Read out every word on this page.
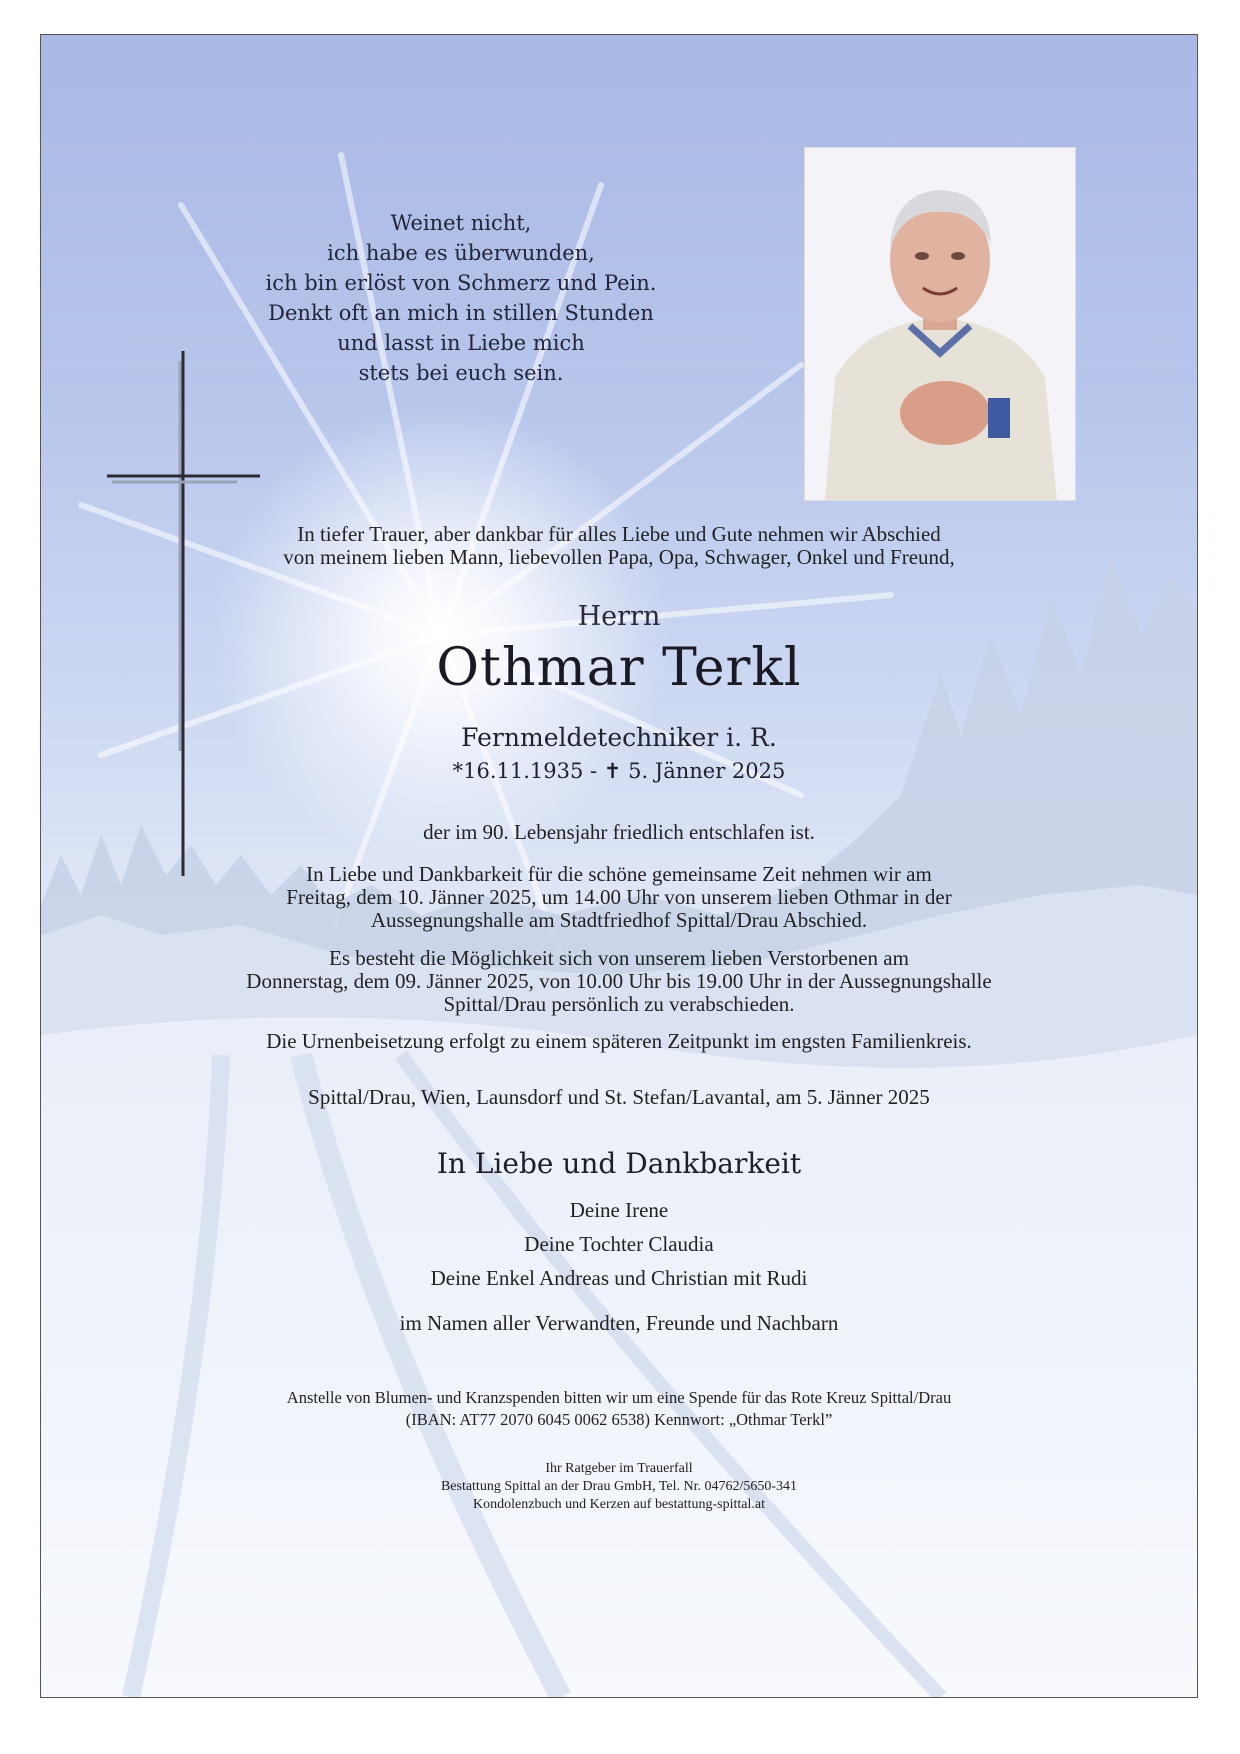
Weinet nicht,
ich habe es überwunden,
ich bin erlöst von Schmerz und Pein.
Denkt oft an mich in stillen Stunden
und lasst in Liebe mich
stets bei euch sein.
In tiefer Trauer, aber dankbar für alles Liebe und Gute nehmen wir Abschied
von meinem lieben Mann, liebevollen Papa, Opa, Schwager, Onkel und Freund,
Herrn
Othmar Terkl
Fernmeldetechniker i. R.
*16.11.1935 - ✝ 5. Jänner 2025
der im 90. Lebensjahr friedlich entschlafen ist.
In Liebe und Dankbarkeit für die schöne gemeinsame Zeit nehmen wir am
Freitag, dem 10. Jänner 2025, um 14.00 Uhr von unserem lieben Othmar in der
Aussegnungshalle am Stadtfriedhof Spittal/Drau Abschied.
Es besteht die Möglichkeit sich von unserem lieben Verstorbenen am
Donnerstag, dem 09. Jänner 2025, von 10.00 Uhr bis 19.00 Uhr in der Aussegnungshalle
Spittal/Drau persönlich zu verabschieden.
Die Urnenbeisetzung erfolgt zu einem späteren Zeitpunkt im engsten Familienkreis.
Spittal/Drau, Wien, Launsdorf und St. Stefan/Lavantal, am 5. Jänner 2025
In Liebe und Dankbarkeit
Deine Irene
Deine Tochter Claudia
Deine Enkel Andreas und Christian mit Rudi
im Namen aller Verwandten, Freunde und Nachbarn
Anstelle von Blumen- und Kranzspenden bitten wir um eine Spende für das Rote Kreuz Spittal/Drau
(IBAN: AT77 2070 6045 0062 6538) Kennwort: „Othmar Terkl”
Ihr Ratgeber im Trauerfall
Bestattung Spittal an der Drau GmbH, Tel. Nr. 04762/5650-341
Kondolenzbuch und Kerzen auf bestattung-spittal.at
